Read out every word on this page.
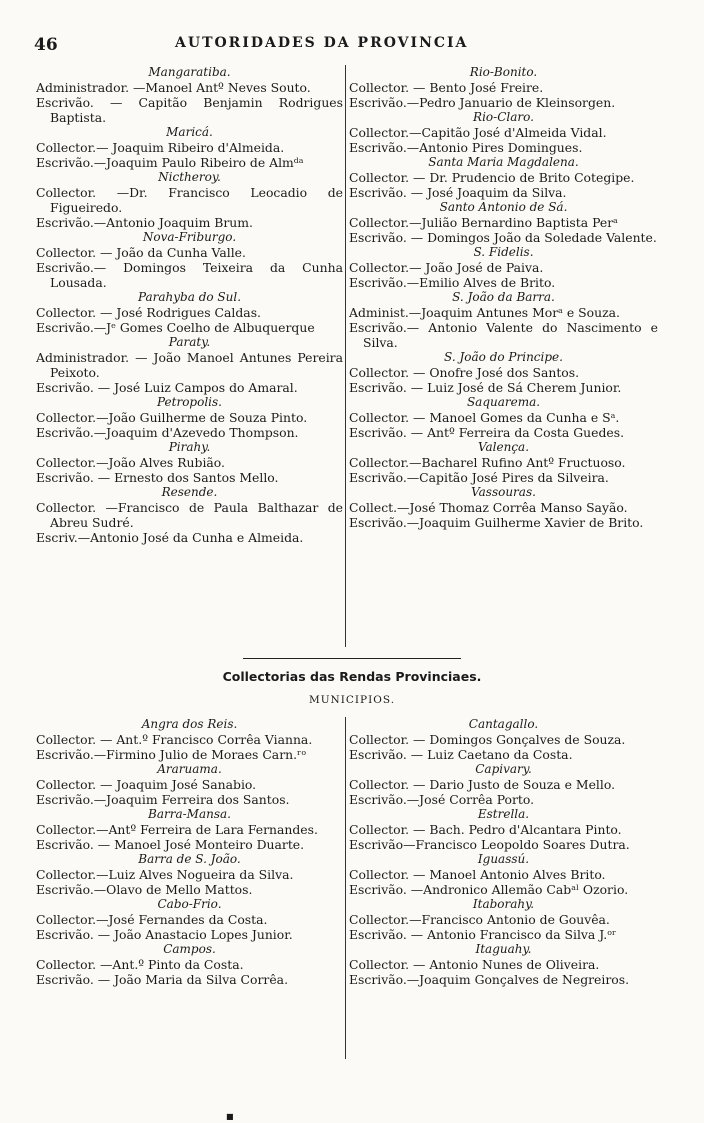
46	AUTORIDADES DA PROVINCIA
Mangaratiba.
Administrador. —Manoel Antº Neves Souto.
Escrivão. — Capitão Benjamin Rodrigues Baptista.
Maricá.
Collector.— Joaquim Ribeiro d'Almeida.
Escrivão.—Joaquim Paulo Ribeiro de Almᵈᵃ
Nictheroy.
Collector. —Dr. Francisco Leocadio de Figueiredo.
Escrivão.—Antonio Joaquim Brum.
Nova-Friburgo.
Collector. — João da Cunha Valle.
Escrivão.— Domingos Teixeira da Cunha Lousada.
Parahyba do Sul.
Collector. — José Rodrigues Caldas.
Escrivão.—Jᵉ Gomes Coelho de Albuquerque
Paraty.
Administrador. — João Manoel Antunes Pereira Peixoto.
Escrivão. — José Luiz Campos do Amaral.
Petropolis.
Collector.—João Guilherme de Souza Pinto.
Escrivão.—Joaquim d'Azevedo Thompson.
Pirahy.
Collector.—João Alves Rubião.
Escrivão. — Ernesto dos Santos Mello.
Resende.
Collector. —Francisco de Paula Balthazar de Abreu Sudré.
Escriv.—Antonio José da Cunha e Almeida.
Rio-Bonito.
Collector. — Bento José Freire.
Escrivão.—Pedro Januario de Kleinsorgen.
Rio-Claro.
Collector.—Capitão José d'Almeida Vidal.
Escrivão.—Antonio Pires Domingues.
Santa Maria Magdalena.
Collector. — Dr. Prudencio de Brito Cotegipe.
Escrivão. — José Joaquim da Silva.
Santo Antonio de Sá.
Collector.—Julião Bernardino Baptista Perᵃ
Escrivão. — Domingos João da Soledade Valente.
S. Fidelis.
Collector.— João José de Paiva.
Escrivão.—Emilio Alves de Brito.
S. João da Barra.
Administ.—Joaquim Antunes Morᵃ e Souza.
Escrivão.— Antonio Valente do Nascimento e Silva.
S. João do Principe.
Collector. — Onofre José dos Santos.
Escrivão. — Luiz José de Sá Cherem Junior.
Saquarema.
Collector. — Manoel Gomes da Cunha e Sᵃ.
Escrivão. — Antº Ferreira da Costa Guedes.
Valença.
Collector.—Bacharel Rufino Antº Fructuoso.
Escrivão.—Capitão José Pires da Silveira.
Vassouras.
Collect.—José Thomaz Corrêa Manso Sayão.
Escrivão.—Joaquim Guilherme Xavier de Brito.
Collectorias das Rendas Provinciaes.
MUNICIPIOS.
Angra dos Reis.
Collector. — Ant.º Francisco Corrêa Vianna.
Escrivão.—Firmino Julio de Moraes Carn.ʳᵒ
Araruama.
Collector. — Joaquim José Sanabio.
Escrivão.—Joaquim Ferreira dos Santos.
Barra-Mansa.
Collector.—Antº Ferreira de Lara Fernandes.
Escrivão. — Manoel José Monteiro Duarte.
Barra de S. João.
Collector.—Luiz Alves Nogueira da Silva.
Escrivão.—Olavo de Mello Mattos.
Cabo-Frio.
Collector.—José Fernandes da Costa.
Escrivão. — João Anastacio Lopes Junior.
Campos.
Collector. —Ant.º Pinto da Costa.
Escrivão. — João Maria da Silva Corrêa.
Cantagallo.
Collector. — Domingos Gonçalves de Souza.
Escrivão. — Luiz Caetano da Costa.
Capivary.
Collector. — Dario Justo de Souza e Mello.
Escrivão.—José Corrêa Porto.
Estrella.
Collector. — Bach. Pedro d'Alcantara Pinto.
Escrivão—Francisco Leopoldo Soares Dutra.
Iguassú.
Collector. — Manoel Antonio Alves Brito.
Escrivão. —Andronico Allemão Cabᵃˡ Ozorio.
Itaborahy.
Collector.—Francisco Antonio de Gouvêa.
Escrivão. — Antonio Francisco da Silva J.ᵒʳ
Itaguahy.
Collector. — Antonio Nunes de Oliveira.
Escrivão.—Joaquim Gonçalves de Negreiros.
■
